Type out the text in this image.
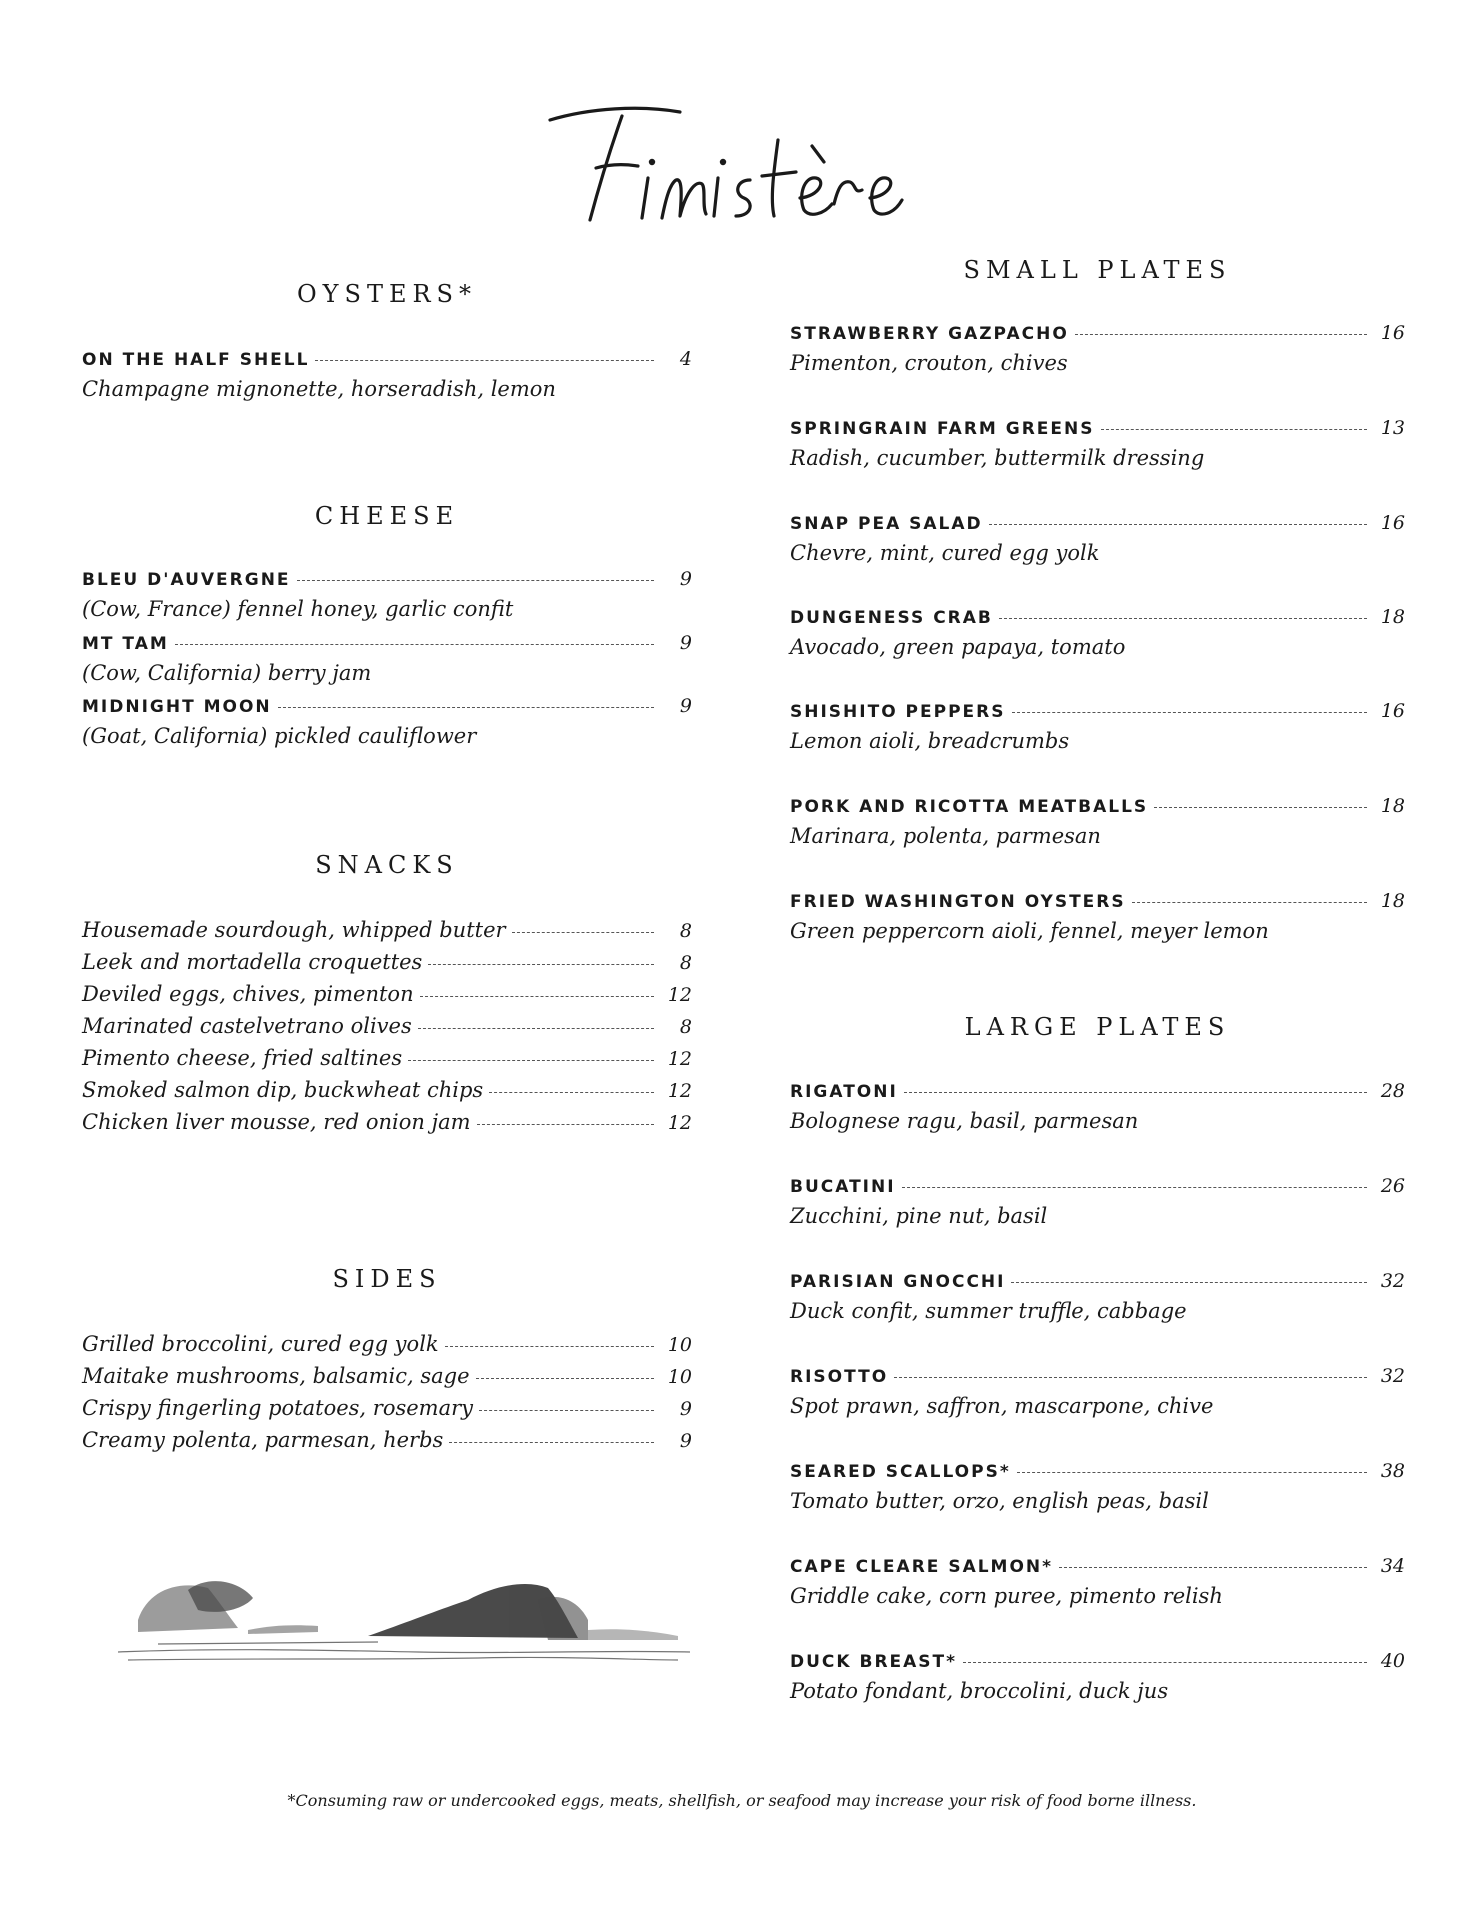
OYSTERS*
ON THE HALF SHELL	4
Champagne mignonette, horseradish, lemon
CHEESE
BLEU D'AUVERGNE	9
(Cow, France) fennel honey, garlic confit
MT TAM	9
(Cow, California) berry jam
MIDNIGHT MOON	9
(Goat, California) pickled cauliflower
SNACKS
Housemade sourdough, whipped butter	8
Leek and mortadella croquettes	8
Deviled eggs, chives, pimenton	12
Marinated castelvetrano olives	8
Pimento cheese, fried saltines	12
Smoked salmon dip, buckwheat chips	12
Chicken liver mousse, red onion jam	12
SIDES
Grilled broccolini, cured egg yolk	10
Maitake mushrooms, balsamic, sage	10
Crispy fingerling potatoes, rosemary	9
Creamy polenta, parmesan, herbs	9
SMALL PLATES
STRAWBERRY GAZPACHO	16
Pimenton, crouton, chives
SPRINGRAIN FARM GREENS	13
Radish, cucumber, buttermilk dressing
SNAP PEA SALAD	16
Chevre, mint, cured egg yolk
DUNGENESS CRAB	18
Avocado, green papaya, tomato
SHISHITO PEPPERS	16
Lemon aioli, breadcrumbs
PORK AND RICOTTA MEATBALLS	18
Marinara, polenta, parmesan
FRIED WASHINGTON OYSTERS	18
Green peppercorn aioli, fennel, meyer lemon
LARGE PLATES
RIGATONI	28
Bolognese ragu, basil, parmesan
BUCATINI	26
Zucchini, pine nut, basil
PARISIAN GNOCCHI	32
Duck confit, summer truffle, cabbage
RISOTTO	32
Spot prawn, saffron, mascarpone, chive
SEARED SCALLOPS*	38
Tomato butter, orzo, english peas, basil
CAPE CLEARE SALMON*	34
Griddle cake, corn puree, pimento relish
DUCK BREAST*	40
Potato fondant, broccolini, duck jus
*Consuming raw or undercooked eggs, meats, shellfish, or seafood may increase your risk of food borne illness.
